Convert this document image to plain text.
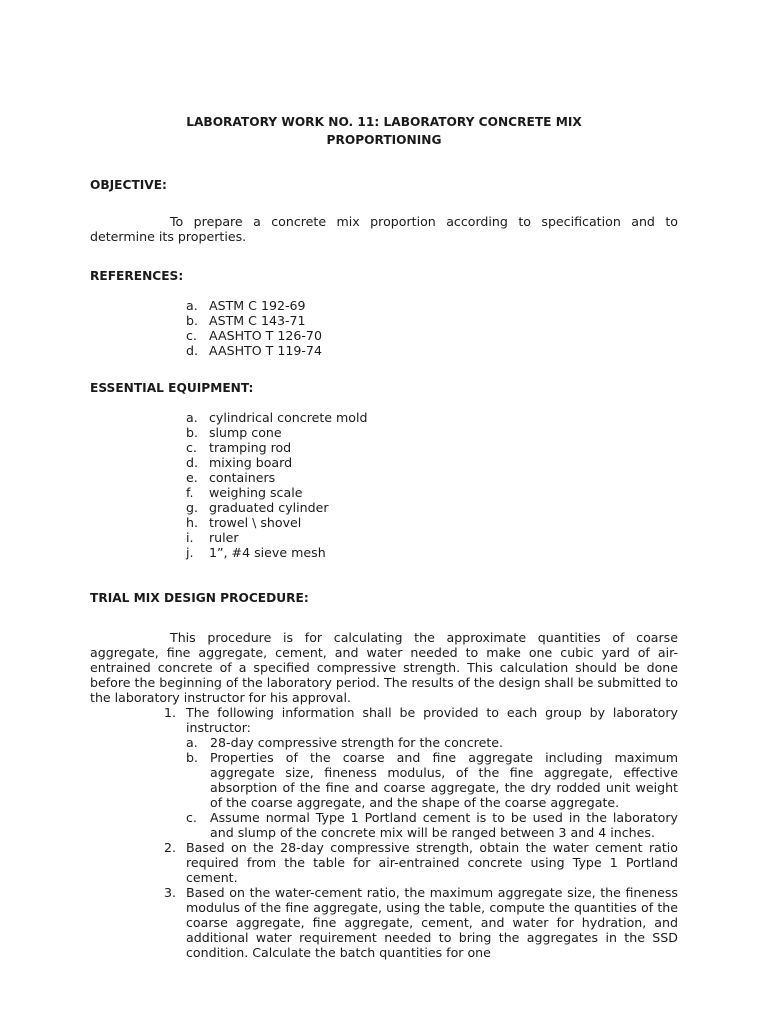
LABORATORY WORK NO. 11: LABORATORY CONCRETE MIX
PROPORTIONING

OBJECTIVE:

To prepare a concrete mix proportion according to specification and to determine its properties.

REFERENCES:

a. ASTM C 192-69
b. ASTM C 143-71
c. AASHTO T 126-70
d. AASHTO T 119-74

ESSENTIAL EQUIPMENT:

a. cylindrical concrete mold
b. slump cone
c. tramping rod
d. mixing board
e. containers
f. weighing scale
g. graduated cylinder
h. trowel \ shovel
i. ruler
j. 1”, #4 sieve mesh

TRIAL MIX DESIGN PROCEDURE:

This procedure is for calculating the approximate quantities of coarse aggregate, fine aggregate, cement, and water needed to make one cubic yard of air-entrained concrete of a specified compressive strength. This calculation should be done before the beginning of the laboratory period. The results of the design shall be submitted to the laboratory instructor for his approval.

1. The following information shall be provided to each group by laboratory instructor:
a. 28-day compressive strength for the concrete.
b. Properties of the coarse and fine aggregate including maximum aggregate size, fineness modulus, of the fine aggregate, effective absorption of the fine and coarse aggregate, the dry rodded unit weight of the coarse aggregate, and the shape of the coarse aggregate.
c. Assume normal Type 1 Portland cement is to be used in the laboratory and slump of the concrete mix will be ranged between 3 and 4 inches.
2. Based on the 28-day compressive strength, obtain the water cement ratio required from the table for air-entrained concrete using Type 1 Portland cement.
3. Based on the water-cement ratio, the maximum aggregate size, the fineness modulus of the fine aggregate, using the table, compute the quantities of the coarse aggregate, fine aggregate, cement, and water for hydration, and additional water requirement needed to bring the aggregates in the SSD condition. Calculate the batch quantities for one
